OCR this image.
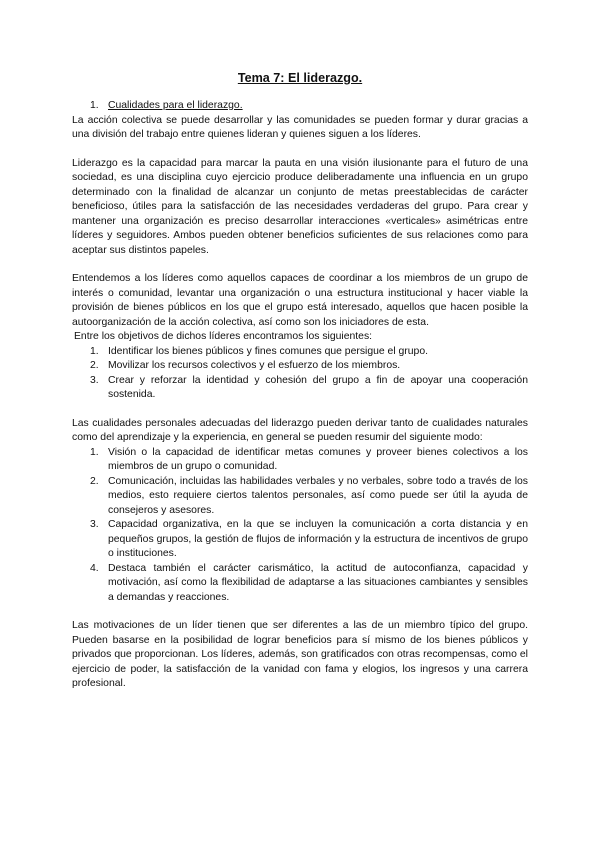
Tema 7: El liderazgo.
1. Cualidades para el liderazgo.

La acción colectiva se puede desarrollar y las comunidades se pueden formar y durar gracias a una división del trabajo entre quienes lideran y quienes siguen a los líderes.

Liderazgo es la capacidad para marcar la pauta en una visión ilusionante para el futuro de una sociedad, es una disciplina cuyo ejercicio produce deliberadamente una influencia en un grupo determinado con la finalidad de alcanzar un conjunto de metas preestablecidas de carácter beneficioso, útiles para la satisfacción de las necesidades verdaderas del grupo. Para crear y mantener una organización es preciso desarrollar interacciones «verticales» asimétricas entre líderes y seguidores. Ambos pueden obtener beneficios suficientes de sus relaciones como para aceptar sus distintos papeles.

Entendemos a los líderes como aquellos capaces de coordinar a los miembros de un grupo de interés o comunidad, levantar una organización o una estructura institucional y hacer viable la provisión de bienes públicos en los que el grupo está interesado, aquellos que hacen posible la autoorganización de la acción colectiva, así como son los iniciadores de esta.

Entre los objetivos de dichos líderes encontramos los siguientes:

1. Identificar los bienes públicos y fines comunes que persigue el grupo.
2. Movilizar los recursos colectivos y el esfuerzo de los miembros.
3. Crear y reforzar la identidad y cohesión del grupo a fin de apoyar una cooperación sostenida.

Las cualidades personales adecuadas del liderazgo pueden derivar tanto de cualidades naturales como del aprendizaje y la experiencia, en general se pueden resumir del siguiente modo:

1. Visión o la capacidad de identificar metas comunes y proveer bienes colectivos a los miembros de un grupo o comunidad.
2. Comunicación, incluidas las habilidades verbales y no verbales, sobre todo a través de los medios, esto requiere ciertos talentos personales, así como puede ser útil la ayuda de consejeros y asesores.
3. Capacidad organizativa, en la que se incluyen la comunicación a corta distancia y en pequeños grupos, la gestión de flujos de información y la estructura de incentivos de grupo o instituciones.
4. Destaca también el carácter carismático, la actitud de autoconfianza, capacidad y motivación, así como la flexibilidad de adaptarse a las situaciones cambiantes y sensibles a demandas y reacciones.

Las motivaciones de un líder tienen que ser diferentes a las de un miembro típico del grupo. Pueden basarse en la posibilidad de lograr beneficios para sí mismo de los bienes públicos y privados que proporcionan. Los líderes, además, son gratificados con otras recompensas, como el ejercicio de poder, la satisfacción de la vanidad con fama y elogios, los ingresos y una carrera profesional.
